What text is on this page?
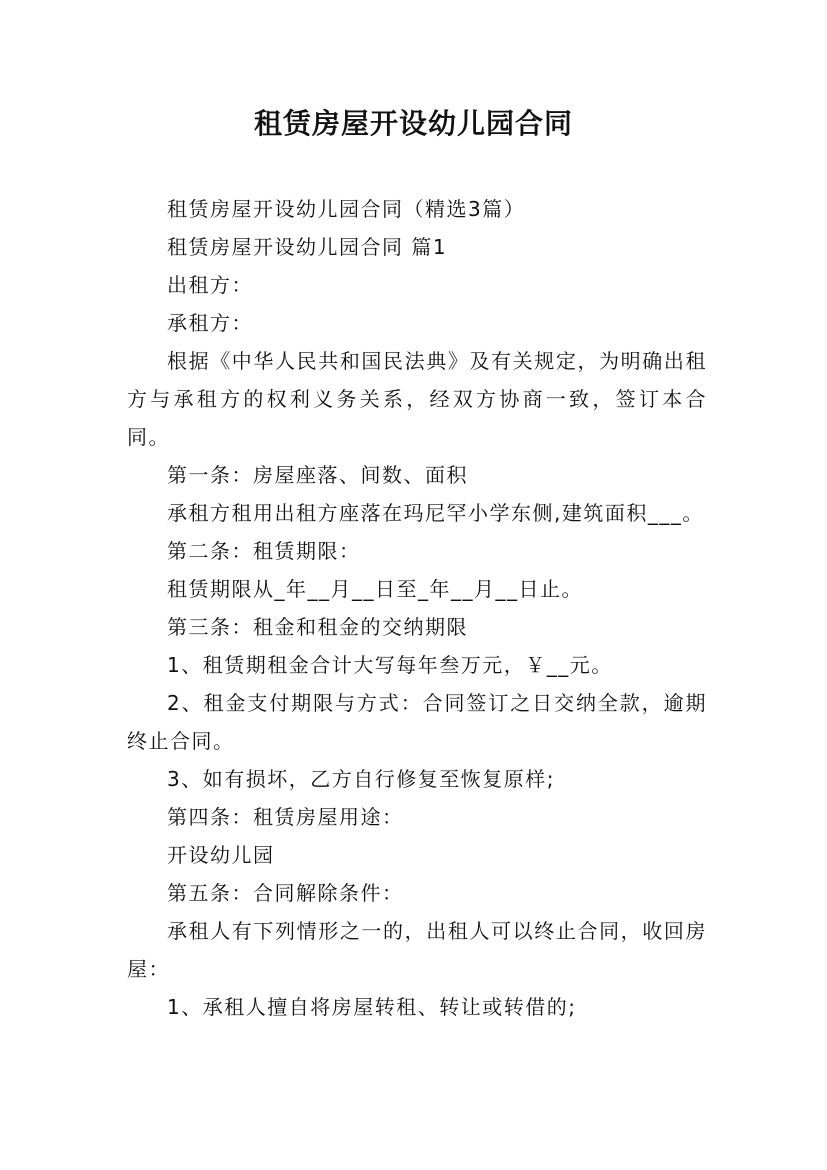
租赁房屋开设幼儿园合同

租赁房屋开设幼儿园合同（精选3篇）

租赁房屋开设幼儿园合同 篇1

出租方：

承租方：

根据《中华人民共和国民法典》及有关规定，为明确出租方与承租方的权利义务关系，经双方协商一致，签订本合同。

第一条：房屋座落、间数、面积

承租方租用出租方座落在玛尼罕小学东侧,建筑面积___。

第二条：租赁期限：

租赁期限从_年__月__日至_年__月__日止。

第三条：租金和租金的交纳期限

1、租赁期租金合计大写每年叁万元，￥__元。

2、租金支付期限与方式：合同签订之日交纳全款，逾期终止合同。

3、如有损坏，乙方自行修复至恢复原样;

第四条：租赁房屋用途：

开设幼儿园

第五条：合同解除条件：

承租人有下列情形之一的，出租人可以终止合同，收回房屋：

1、承租人擅自将房屋转租、转让或转借的;
